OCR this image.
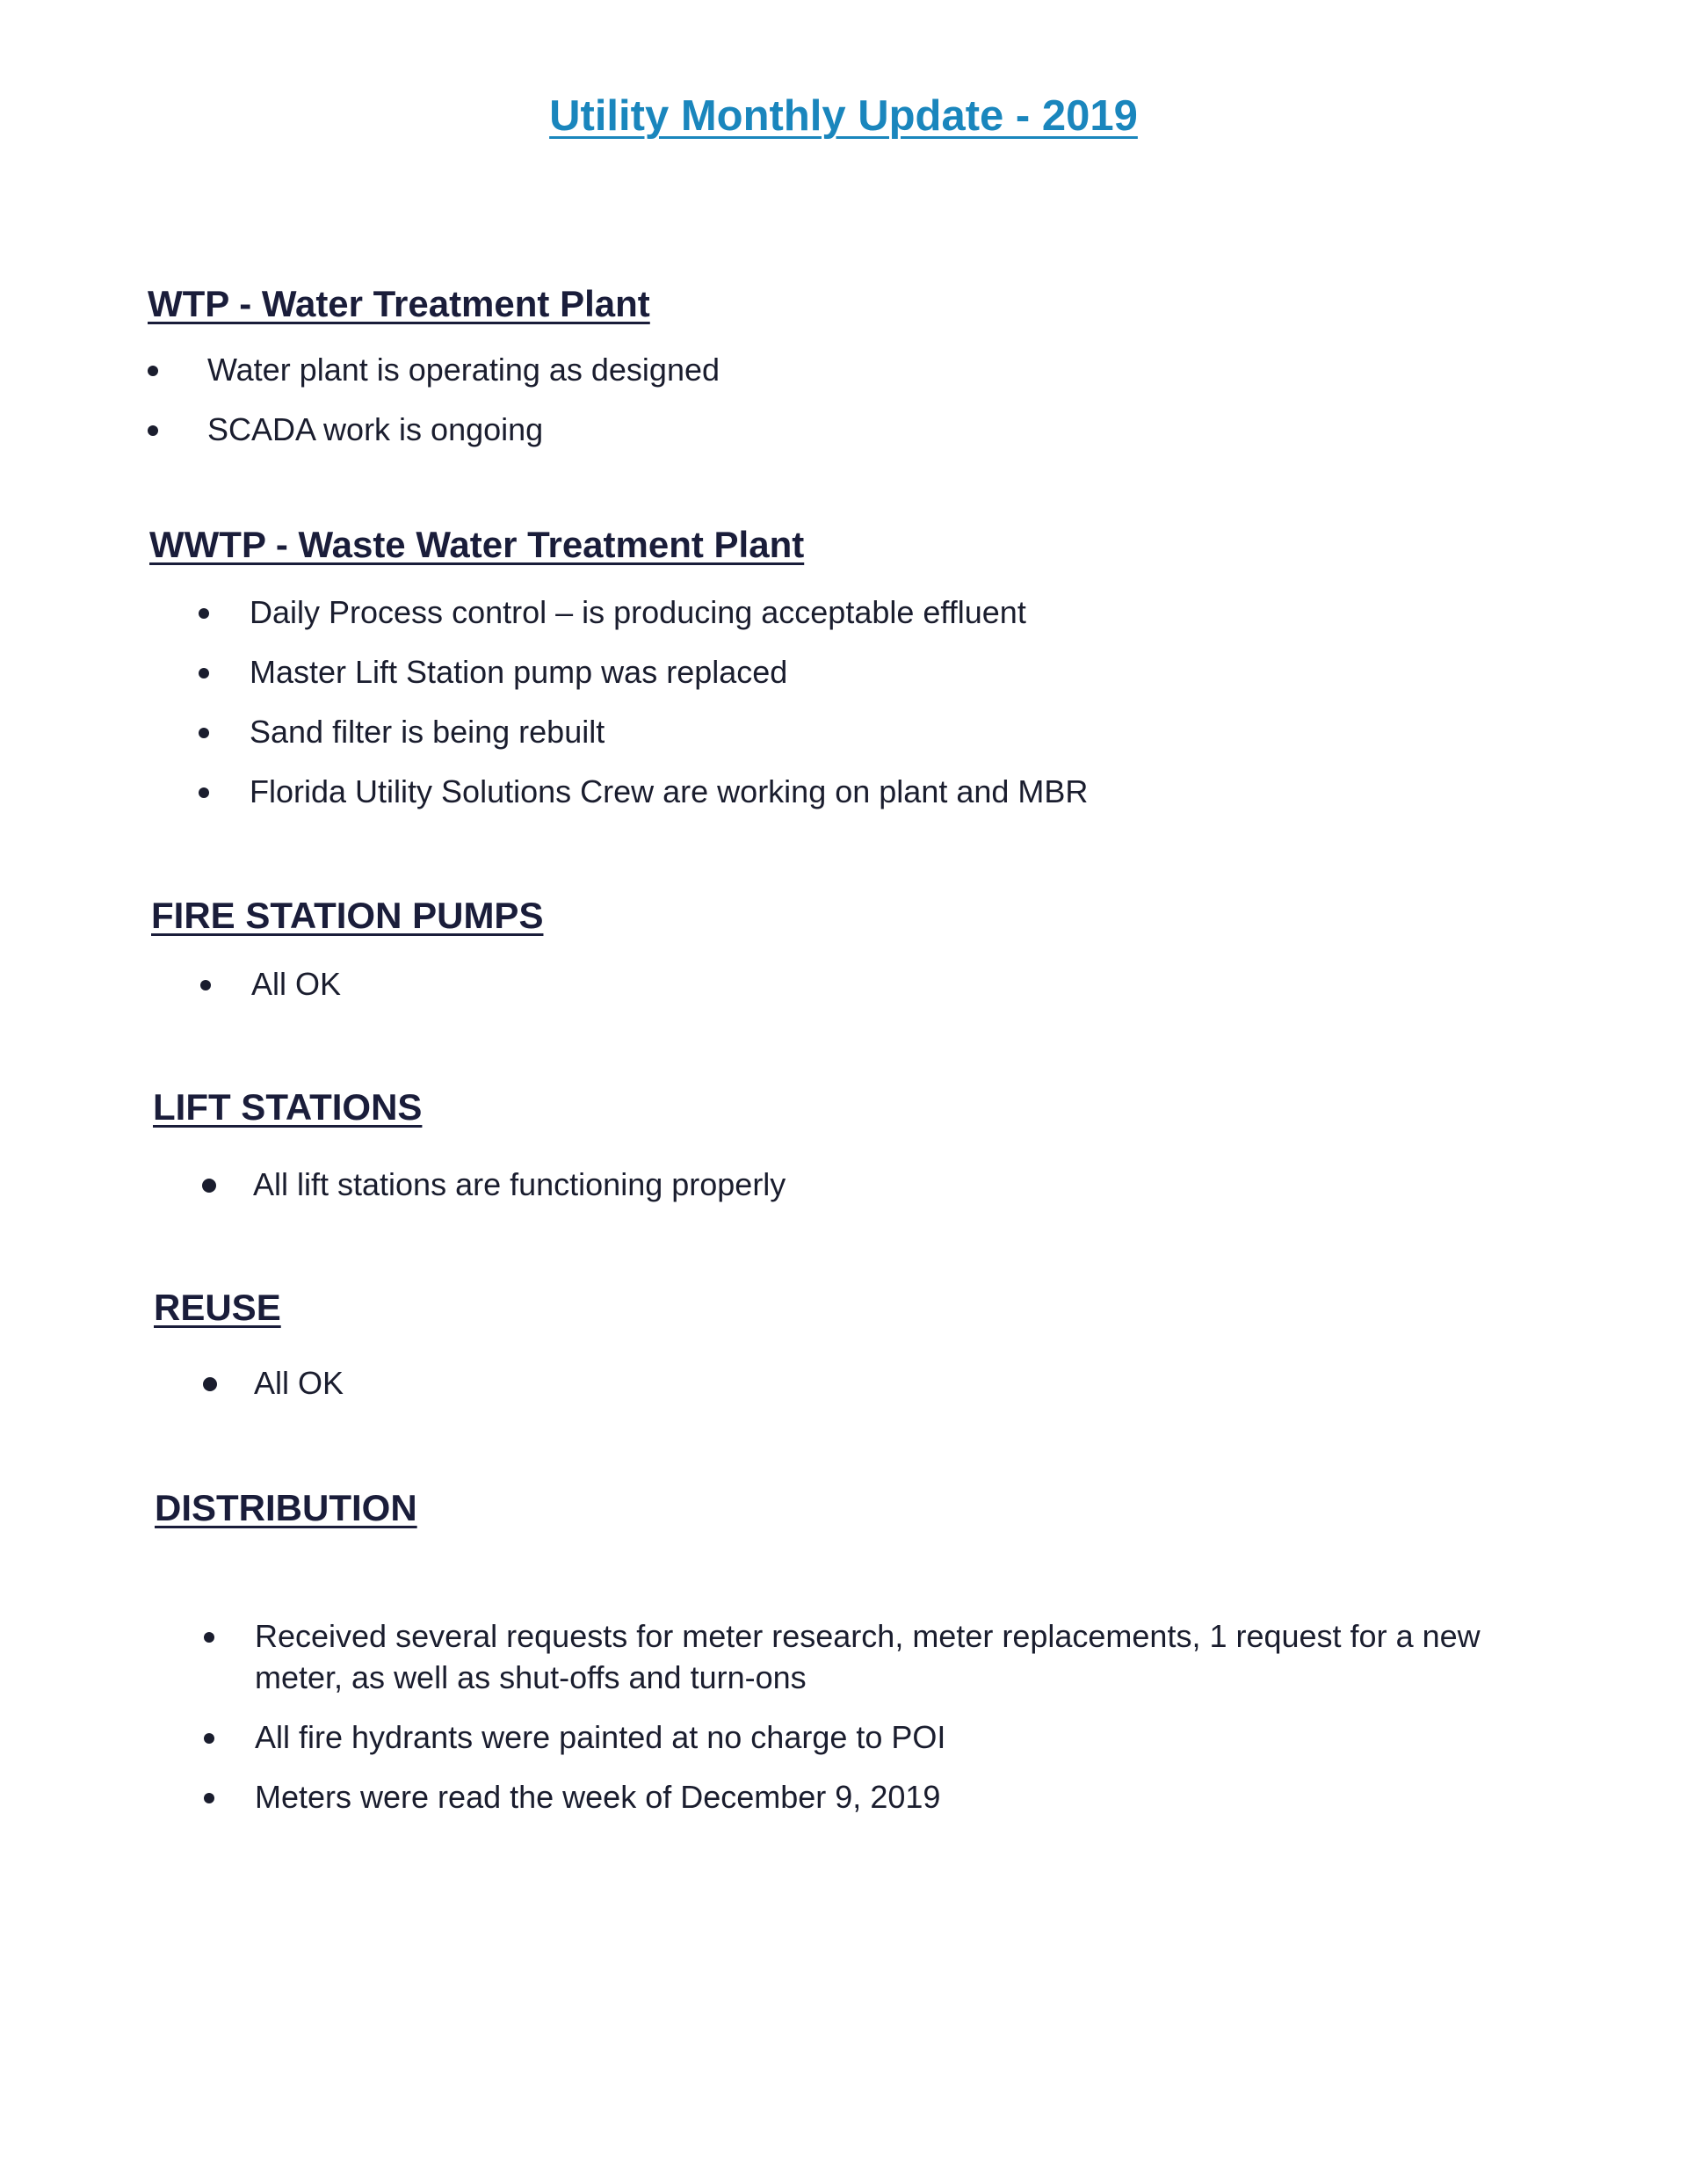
Utility Monthly Update - 2019
WTP - Water Treatment Plant
Water plant is operating as designed
SCADA work is ongoing
WWTP - Waste Water Treatment Plant
Daily Process control – is producing acceptable effluent
Master Lift Station pump was replaced
Sand filter is being rebuilt
Florida Utility Solutions Crew are working on plant and MBR
FIRE STATION PUMPS
All OK
LIFT STATIONS
All lift stations are functioning properly
REUSE
All OK
DISTRIBUTION
Received several requests for meter research, meter replacements, 1 request for a new meter, as well as shut-offs and turn-ons
All fire hydrants were painted at no charge to POI
Meters were read the week of December 9, 2019
